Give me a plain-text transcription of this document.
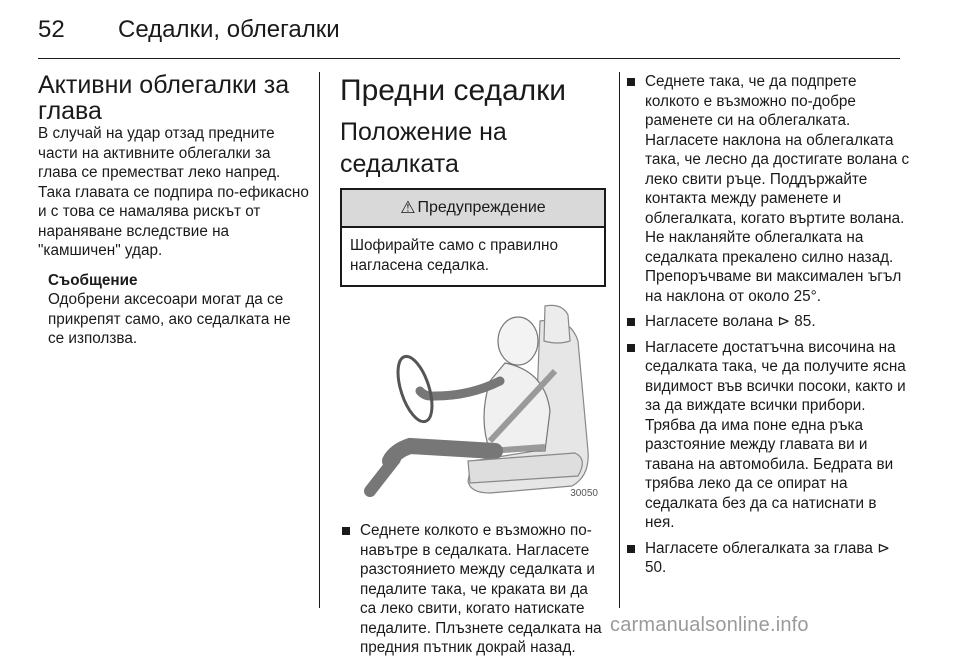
52 Седалки, облегалки
Активни облегалки за глава

В случай на удар отзад предните части на активните облегалки за глава се преместват леко напред. Така главата се подпира по-ефикасно и с това се намалява рискът от нараняване вследствие на "камшичен" удар.

Съобщение

Одобрени аксесоари могат да се прикрепят само, ако седалката не се използва.

Предни седалки
Положение на седалката
⚠ Предупреждение
Шофирайте само с правилно нагласена седалка.
30050
Седнете колкото е възможно по-навътре в седалката. Нагласете разстоянието между седалката и педалите така, че краката ви да са леко свити, когато натискате педалите. Плъзнете седалката на предния пътник докрай назад.
Седнете така, че да подпрете колкото е възможно по-добре раменете си на облегалката. Нагласете наклона на облегалката така, че лесно да достигате волана с леко свити ръце. Поддържайте контакта между раменете и облегалката, когато въртите волана. Не накланяйте облегалката на седалката прекалено силно назад. Препоръчваме ви максимален ъгъл на наклона от около 25°.
Нагласете волана ⊳ 85.
Нагласете достатъчна височина на седалката така, че да получите ясна видимост във всички посоки, както и за да виждате всички прибори. Трябва да има поне една ръка разстояние между главата ви и тавана на автомобила. Бедрата ви трябва леко да се опират на седалката без да са натиснати в нея.
Нагласете облегалката за глава ⊳ 50.
carmanualsonline.info
